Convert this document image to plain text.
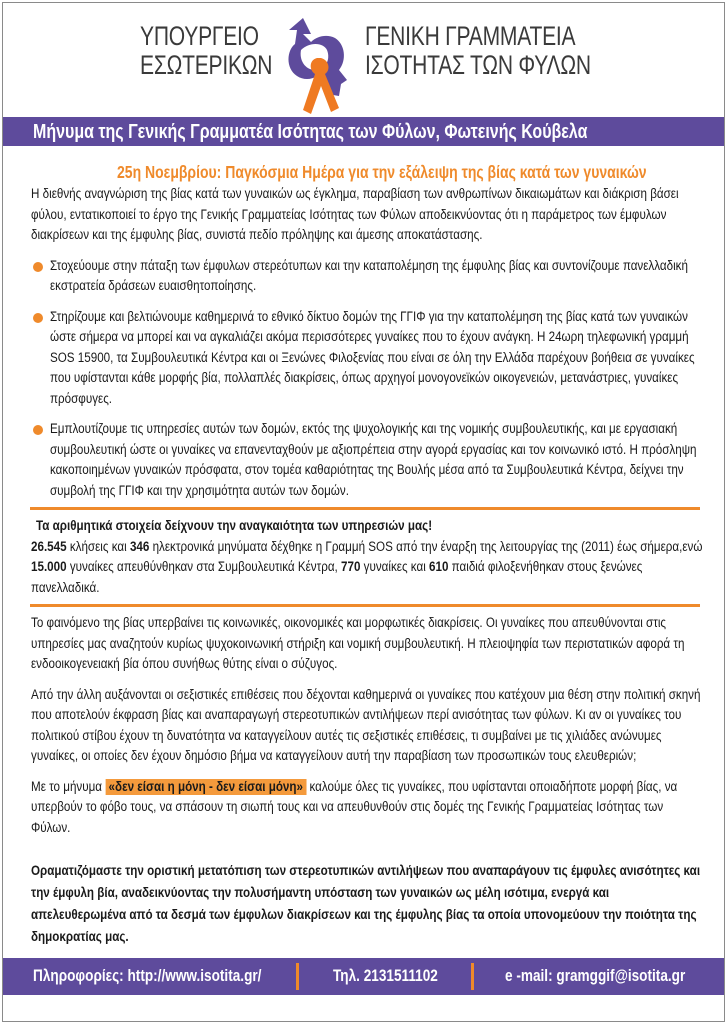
ΥΠΟΥΡΓΕΙΟ
ΕΣΩΤΕΡΙΚΩΝ
ΓΕΝΙΚΗ ΓΡΑΜΜΑΤΕΙΑ
ΙΣΟΤΗΤΑΣ ΤΩΝ ΦΥΛΩΝ
Μήνυμα της Γενικής Γραμματέα Ισότητας των Φύλων, Φωτεινής Κούβελα
25η Νοεμβρίου: Παγκόσμια Ημέρα για την εξάλειψη της βίας κατά των γυναικών
Η διεθνής αναγνώριση της βίας κατά των γυναικών ως έγκλημα, παραβίαση των ανθρωπίνων δικαιωμάτων και διάκριση βάσει φύλου, εντατικοποιεί το έργο της Γενικής Γραμματείας Ισότητας των Φύλων αποδεικνύοντας ότι η παράμετρος των έμφυλων διακρίσεων και της έμφυλης βίας, συνιστά πεδίο πρόληψης και άμεσης αποκατάστασης.
Στοχεύουμε στην πάταξη των έμφυλων στερεότυπων και την καταπολέμηση της έμφυλης βίας και συντονίζουμε πανελλαδική εκστρατεία δράσεων ευαισθητοποίησης.
Στηρίζουμε και βελτιώνουμε καθημερινά το εθνικό δίκτυο δομών της ΓΓΙΦ για την καταπολέμηση της βίας κατά των γυναικών ώστε σήμερα να μπορεί και να αγκαλιάζει ακόμα περισσότερες γυναίκες που το έχουν ανάγκη. Η 24ωρη τηλεφωνική γραμμή SOS 15900, τα Συμβουλευτικά Κέντρα και οι Ξενώνες Φιλοξενίας που είναι σε όλη την Ελλάδα παρέχουν βοήθεια σε γυναίκες που υφίστανται κάθε μορφής βία, πολλαπλές διακρίσεις, όπως αρχηγοί μονογονεϊκών οικογενειών, μετανάστριες, γυναίκες πρόσφυγες.
Εμπλουτίζουμε τις υπηρεσίες αυτών των δομών, εκτός της ψυχολογικής και της νομικής συμβουλευτικής, και με εργασιακή συμβουλευτική ώστε οι γυναίκες να επανενταχθούν με αξιοπρέπεια στην αγορά εργασίας και τον κοινωνικό ιστό. Η πρόσληψη κακοποιημένων γυναικών πρόσφατα, στον τομέα καθαριότητας της Βουλής μέσα από τα Συμβουλευτικά Κέντρα, δείχνει την συμβολή της ΓΓΙΦ και την χρησιμότητα αυτών των δομών.
Τα αριθμητικά στοιχεία δείχνουν την αναγκαιότητα των υπηρεσιών μας!
26.545 κλήσεις και 346 ηλεκτρονικά μηνύματα δέχθηκε η Γραμμή SOS από την έναρξη της λειτουργίας της (2011) έως σήμερα,ενώ 15.000 γυναίκες απευθύνθηκαν στα Συμβουλευτικά Κέντρα, 770 γυναίκες και 610 παιδιά φιλοξενήθηκαν στους ξενώνες πανελλαδικά.
Το φαινόμενο της βίας υπερβαίνει τις κοινωνικές, οικονομικές και μορφωτικές διακρίσεις. Οι γυναίκες που απευθύνονται στις υπηρεσίες μας αναζητούν κυρίως ψυχοκοινωνική στήριξη και νομική συμβουλευτική. Η πλειοψηφία των περιστατικών αφορά τη ενδοοικογενειακή βία όπου συνήθως θύτης είναι ο σύζυγος.
Από την άλλη αυξάνονται οι σεξιστικές επιθέσεις που δέχονται καθημερινά οι γυναίκες που κατέχουν μια θέση στην πολιτική σκηνή που αποτελούν έκφραση βίας και αναπαραγωγή στερεοτυπικών αντιλήψεων περί ανισότητας των φύλων. Κι αν οι γυναίκες του πολιτικού στίβου έχουν τη δυνατότητα να καταγγείλουν αυτές τις σεξιστικές επιθέσεις, τι συμβαίνει με τις χιλιάδες ανώνυμες γυναίκες, οι οποίες δεν έχουν δημόσιο βήμα να καταγγείλουν αυτή την παραβίαση των προσωπικών τους ελευθεριών;
Με το μήνυμα «δεν είσαι η μόνη - δεν είσαι μόνη» καλούμε όλες τις γυναίκες, που υφίστανται οποιαδήποτε μορφή βίας, να υπερβούν το φόβο τους, να σπάσουν τη σιωπή τους και να απευθυνθούν στις δομές της Γενικής Γραμματείας Ισότητας των Φύλων.
Οραματιζόμαστε την οριστική μετατόπιση των στερεοτυπικών αντιλήψεων που αναπαράγουν τις έμφυλες ανισότητες και την έμφυλη βία, αναδεικνύοντας την πολυσήμαντη υπόσταση των γυναικών ως μέλη ισότιμα, ενεργά και απελευθερωμένα από τα δεσμά των έμφυλων διακρίσεων και της έμφυλης βίας τα οποία υπονομεύουν την ποιότητα της δημοκρατίας μας.
Πληροφορίες: http://www.isotita.gr/	Τηλ. 2131511102	e -mail: gramggif@isotita.gr
